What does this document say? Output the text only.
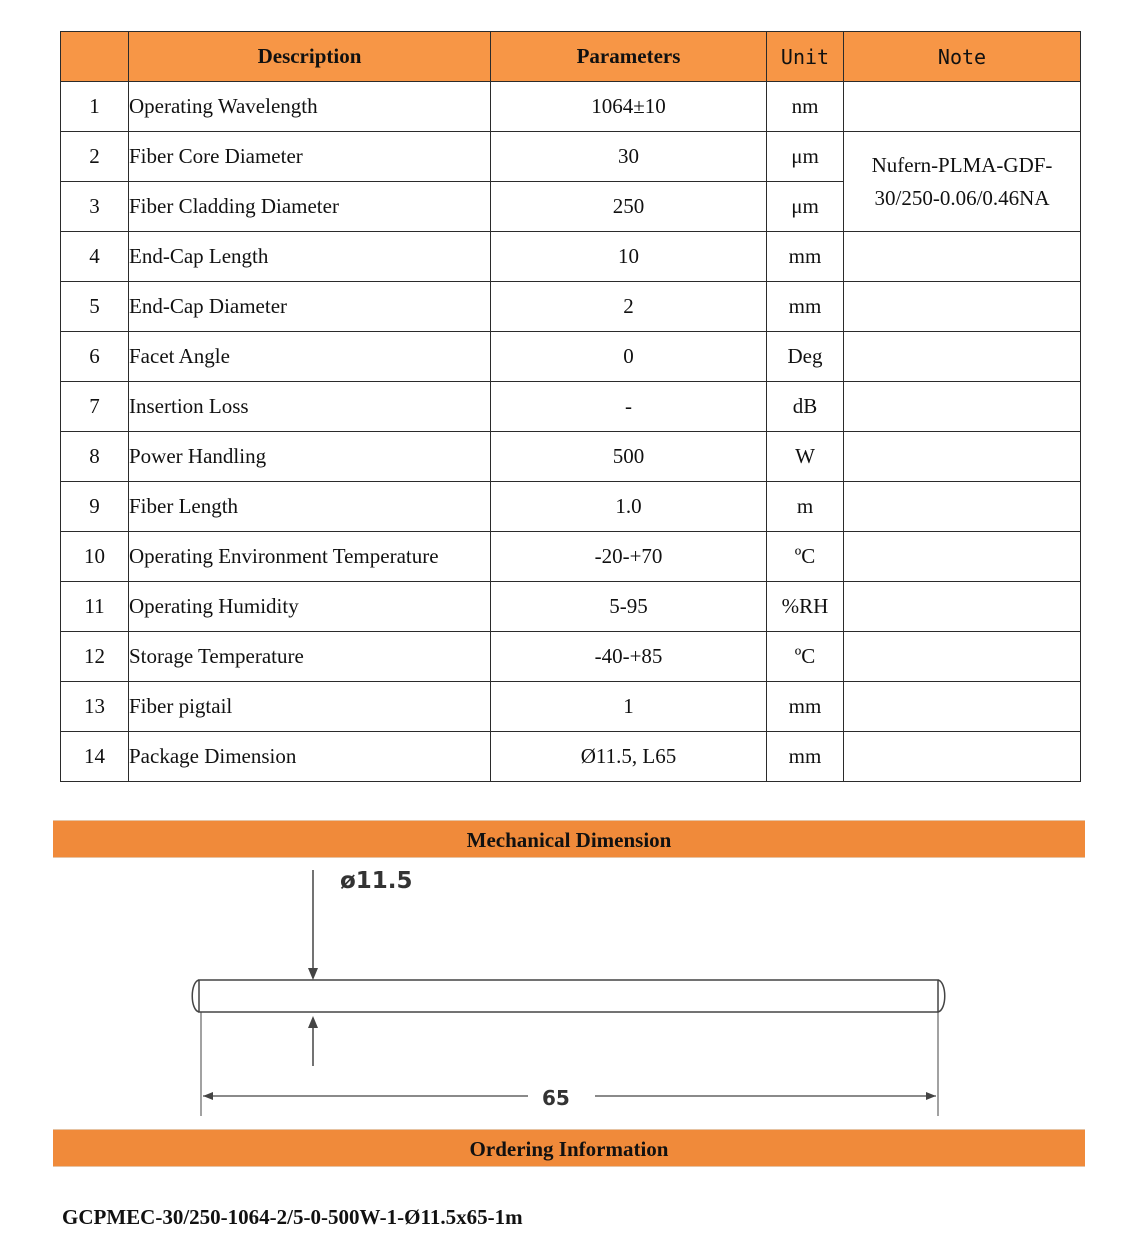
	Description	Parameters	Unit	Note
1	Operating Wavelength	1064±10	nm	
2	Fiber Core Diameter	30	μm	Nufern-PLMA-GDF-
30/250-0.06/0.46NA

3	Fiber Cladding Diameter	250	μm	
4	End-Cap Length	10	mm	
5	End-Cap Diameter	2	mm	
6	Facet Angle	0	Deg	
7	Insertion Loss	-	dB	
8	Power Handling	500	W	
9	Fiber Length	1.0	m	
10	Operating Environment Temperature	-20-+70	ºC	
11	Operating Humidity	5-95	%RH	
12	Storage Temperature	-40-+85	ºC	
13	Fiber pigtail	1	mm	
14	Package Dimension	Ø11.5, L65	mm	
Mechanical Dimension
ø11.5
65
Ordering Information
GCPMEC-30/250-1064-2/5-0-500W-1-Ø11.5x65-1m
